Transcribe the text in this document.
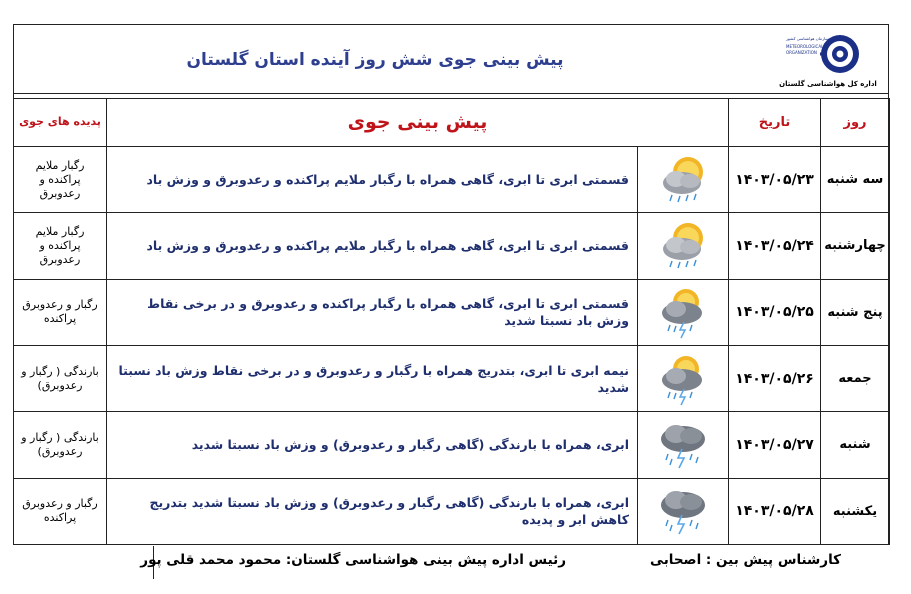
پیش بینی جوی شش روز آینده استان گلستان
سازمان هواشناسی کشور
METEOROLOGICAL
ORGANIZATION
اداره کل هواشناسی گلستان
پدیده های جوی	پیش بینی جوی		تاریخ	روز
رگبار ملایم پراکنده و رعدوبرق	قسمتی ابری تا ابری، گاهی همراه با رگبار ملایم پراکنده و رعدوبرق و وزش باد		۱۴۰۳/۰۵/۲۳	سه شنبه
رگبار ملایم پراکنده و رعدوبرق	قسمتی ابری تا ابری، گاهی همراه با رگبار ملایم پراکنده و رعدوبرق و وزش باد		۱۴۰۳/۰۵/۲۴	چهارشنبه
رگبار و رعدوبرق پراکنده	قسمتی ابری تا ابری، گاهی همراه با رگبار پراکنده و رعدوبرق و در برخی نقاط وزش باد نسبتا شدید		۱۴۰۳/۰۵/۲۵	پنج شنبه
بارندگی ( رگبار و رعدوبرق)	نیمه ابری تا ابری، بتدریج همراه با رگبار و رعدوبرق و در برخی نقاط وزش باد نسبتا شدید		۱۴۰۳/۰۵/۲۶	جمعه
بارندگی ( رگبار و رعدوبرق)	ابری، همراه با بارندگی (گاهی رگبار و رعدوبرق) و وزش باد نسبتا شدید		۱۴۰۳/۰۵/۲۷	شنبه
رگبار و رعدوبرق پراکنده	ابری، همراه با بارندگی (گاهی رگبار و رعدوبرق) و وزش باد نسبتا شدید بتدریج کاهش ابر و پدیده		۱۴۰۳/۰۵/۲۸	یکشنبه
کارشناس پیش بین : اصحابی
رئیس اداره پیش بینی هواشناسی گلستان: محمود محمد قلی پور
